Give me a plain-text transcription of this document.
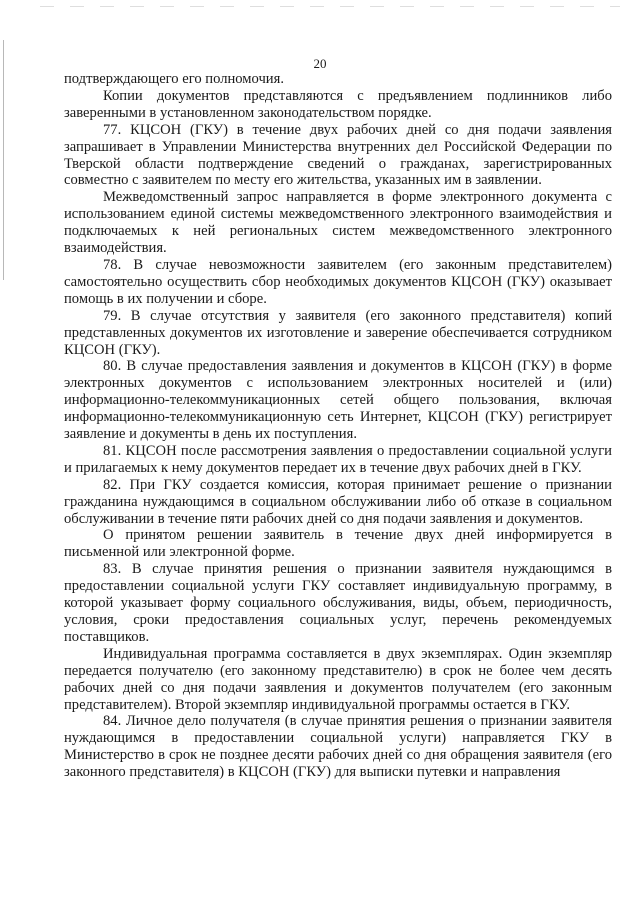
20

подтверждающего его полномочия.

Копии документов представляются с предъявлением подлинников либо заверенными в установленном законодательством порядке.

77. КЦСОН (ГКУ) в течение двух рабочих дней со дня подачи заявления запрашивает в Управлении Министерства внутренних дел Российской Федерации по Тверской области подтверждение сведений о гражданах, зарегистрированных совместно с заявителем по месту его жительства, указанных им в заявлении.

Межведомственный запрос направляется в форме электронного документа с использованием единой системы межведомственного электронного взаимодействия и подключаемых к ней региональных систем межведомственного электронного взаимодействия.

78. В случае невозможности заявителем (его законным представителем) самостоятельно осуществить сбор необходимых документов КЦСОН (ГКУ) оказывает помощь в их получении и сборе.

79. В случае отсутствия у заявителя (его законного представителя) копий представленных документов их изготовление и заверение обеспечивается сотрудником КЦСОН (ГКУ).

80. В случае предоставления заявления и документов в КЦСОН (ГКУ) в форме электронных документов с использованием электронных носителей и (или) информационно-телекоммуникационных сетей общего пользования, включая информационно-телекоммуникационную сеть Интернет, КЦСОН (ГКУ) регистрирует заявление и документы в день их поступления.

81. КЦСОН после рассмотрения заявления о предоставлении социальной услуги и прилагаемых к нему документов передает их в течение двух рабочих дней в ГКУ.

82. При ГКУ создается комиссия, которая принимает решение о признании гражданина нуждающимся в социальном обслуживании либо об отказе в социальном обслуживании в течение пяти рабочих дней со дня подачи заявления и документов.

О принятом решении заявитель в течение двух дней информируется в письменной или электронной форме.

83. В случае принятия решения о признании заявителя нуждающимся в предоставлении социальной услуги ГКУ составляет индивидуальную программу, в которой указывает форму социального обслуживания, виды, объем, периодичность, условия, сроки предоставления социальных услуг, перечень рекомендуемых поставщиков.

Индивидуальная программа составляется в двух экземплярах. Один экземпляр передается получателю (его законному представителю) в срок не более чем десять рабочих дней со дня подачи заявления и документов получателем (его законным представителем). Второй экземпляр индивидуальной программы остается в ГКУ.

84. Личное дело получателя (в случае принятия решения о признании заявителя нуждающимся в предоставлении социальной услуги) направляется ГКУ в Министерство в срок не позднее десяти рабочих дней со дня обращения заявителя (его законного представителя) в КЦСОН (ГКУ) для выписки путевки и направления
